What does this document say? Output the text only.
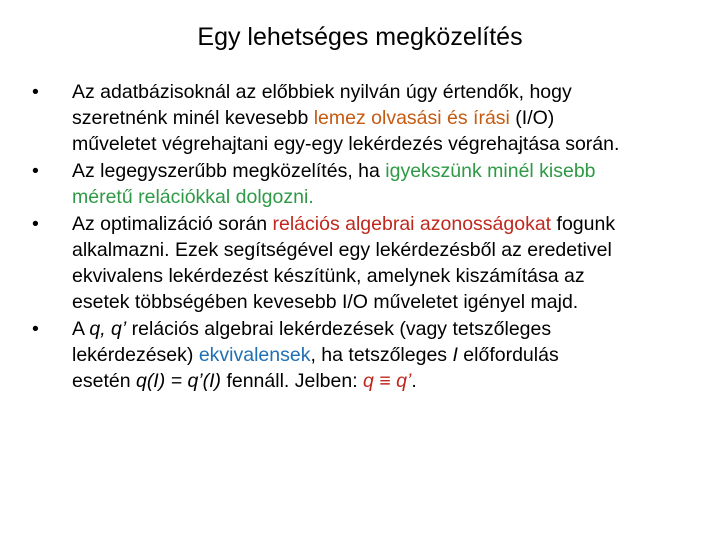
Egy lehetséges megközelítés
•	Az adatbázisoknál az előbbiek nyilván úgy értendők, hogy
szeretnénk minél kevesebb lemez olvasási és írási (I/O)
műveletet végrehajtani egy-egy lekérdezés végrehajtása során.
•	Az legegyszerűbb megközelítés, ha igyekszünk minél kisebb
méretű relációkkal dolgozni.
•	Az optimalizáció során relációs algebrai azonosságokat fogunk
alkalmazni. Ezek segítségével egy lekérdezésből az eredetivel
ekvivalens lekérdezést készítünk, amelynek kiszámítása az
esetek többségében kevesebb I/O műveletet igényel majd.
•	A q, q’ relációs algebrai lekérdezések (vagy tetszőleges
lekérdezések) ekvivalensek, ha tetszőleges I előfordulás
esetén q(I) = q’(I) fennáll. Jelben: q ≡ q’.
